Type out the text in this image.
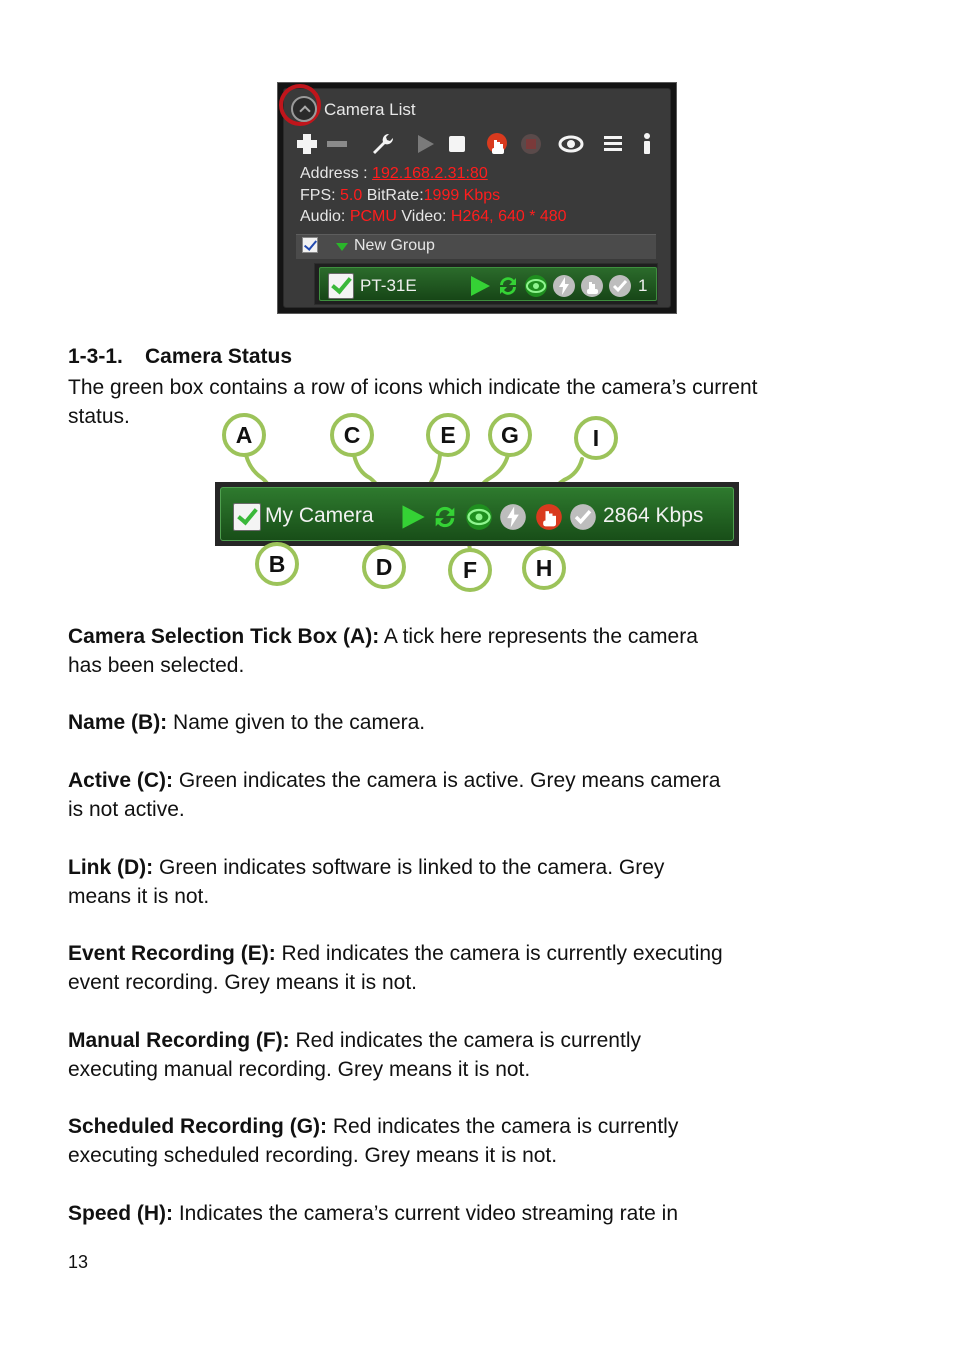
Camera List
Address : 192.168.2.31:80
FPS: 5.0 BitRate:1999 Kbps
Audio: PCMU Video: H264, 640 * 480
New Group
PT-31E	1
1-3-1. Camera Status
The green box contains a row of icons which indicate the camera’s current
status.
My Camera	2864 Kbps
A	C	E	G	I
B	D	F	H
Camera Selection Tick Box (A): A tick here represents the camera
has been selected.
Name (B): Name given to the camera.
Active (C): Green indicates the camera is active. Grey means camera
is not active.
Link (D): Green indicates software is linked to the camera. Grey
means it is not.
Event Recording (E): Red indicates the camera is currently executing
event recording. Grey means it is not.
Manual Recording (F): Red indicates the camera is currently
executing manual recording. Grey means it is not.
Scheduled Recording (G): Red indicates the camera is currently
executing scheduled recording. Grey means it is not.
Speed (H): Indicates the camera’s current video streaming rate in
13
